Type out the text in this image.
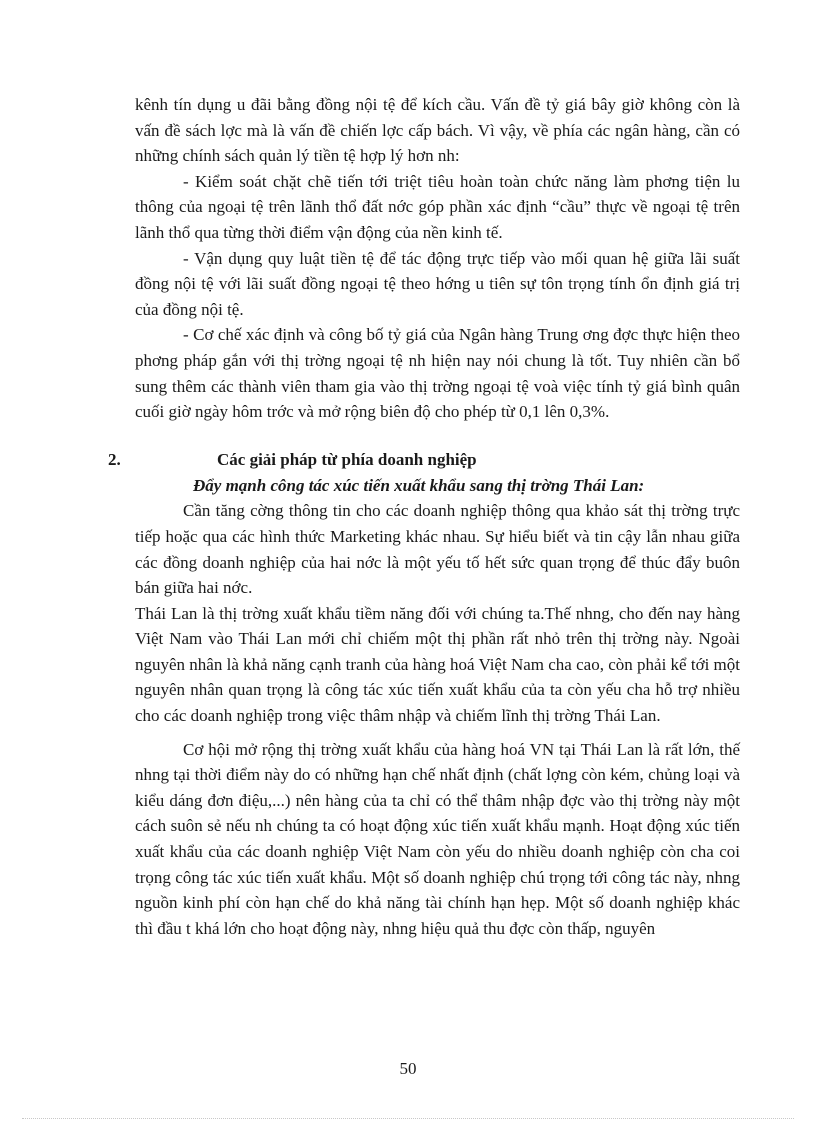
kênh tín dụng u đãi bằng đồng nội tệ để kích cầu. Vấn đề tỷ giá bây giờ không còn là vấn đề sách lợc mà là vấn đề chiến lợc cấp bách. Vì vậy, về phía các ngân hàng, cần có những chính sách quản lý tiền tệ hợp lý hơn nh:

- Kiểm soát chặt chẽ tiến tới triệt tiêu hoàn toàn chức năng làm phơng tiện lu thông của ngoại tệ trên lãnh thổ đất nớc góp phần xác định “cầu” thực về ngoại tệ trên lãnh thổ qua từng thời điểm vận động của nền kinh tế.

- Vận dụng quy luật tiền tệ để tác động trực tiếp vào mối quan hệ giữa lãi suất đồng nội tệ với lãi suất đồng ngoại tệ theo hớng u tiên sự tôn trọng tính ổn định giá trị của đồng nội tệ.

- Cơ chế xác định và công bố tỷ giá của Ngân hàng Trung ơng đợc thực hiện theo phơng pháp gắn với thị trờng ngoại tệ nh hiện nay nói chung là tốt. Tuy nhiên cần bổ sung thêm các thành viên tham gia vào thị trờng ngoại tệ voà việc tính tỷ giá bình quân cuối giờ ngày hôm trớc và mở rộng biên độ cho phép từ 0,1 lên 0,3%.

2.	Các giải pháp từ phía doanh nghiệp

Đẩy mạnh công tác xúc tiến xuất khẩu sang thị trờng Thái Lan:

Cần tăng cờng thông tin cho các doanh nghiệp thông qua khảo sát thị trờng trực tiếp hoặc qua các hình thức Marketing khác nhau. Sự hiểu biết và tin cậy lẫn nhau giữa các đồng doanh nghiệp của hai nớc là một yếu tố hết sức quan trọng để thúc đẩy buôn bán giữa hai nớc.

Thái Lan là thị trờng xuất khẩu tiềm năng đối với chúng ta.Thế nhng, cho đến nay hàng Việt Nam vào Thái Lan mới chỉ chiếm một thị phần rất nhỏ trên thị trờng này. Ngoài nguyên nhân là khả năng cạnh tranh của hàng hoá Việt Nam cha cao, còn phải kể tới một nguyên nhân quan trọng là công tác xúc tiến xuất khẩu của ta còn yếu cha hỗ trợ nhiều cho các doanh nghiệp trong việc thâm nhập và chiếm lĩnh thị trờng Thái Lan.

Cơ hội mở rộng thị trờng xuất khẩu của hàng hoá VN tại Thái Lan là rất lớn, thế nhng tại thời điểm này do có những hạn chế nhất định (chất lợng còn kém, chủng loại và kiểu dáng đơn điệu,...) nên hàng của ta chỉ có thể thâm nhập đợc vào thị trờng này một cách suôn sẻ nếu nh chúng ta có hoạt động xúc tiến xuất khẩu mạnh. Hoạt động xúc tiến xuất khẩu của các doanh nghiệp Việt Nam còn yếu do nhiều doanh nghiệp còn cha coi trọng công tác xúc tiến xuất khẩu. Một số doanh nghiệp chú trọng tới công tác này, nhng nguồn kinh phí còn hạn chế do khả năng tài chính hạn hẹp. Một số doanh nghiệp khác thì đầu t khá lớn cho hoạt động này, nhng hiệu quả thu đợc còn thấp, nguyên

50
